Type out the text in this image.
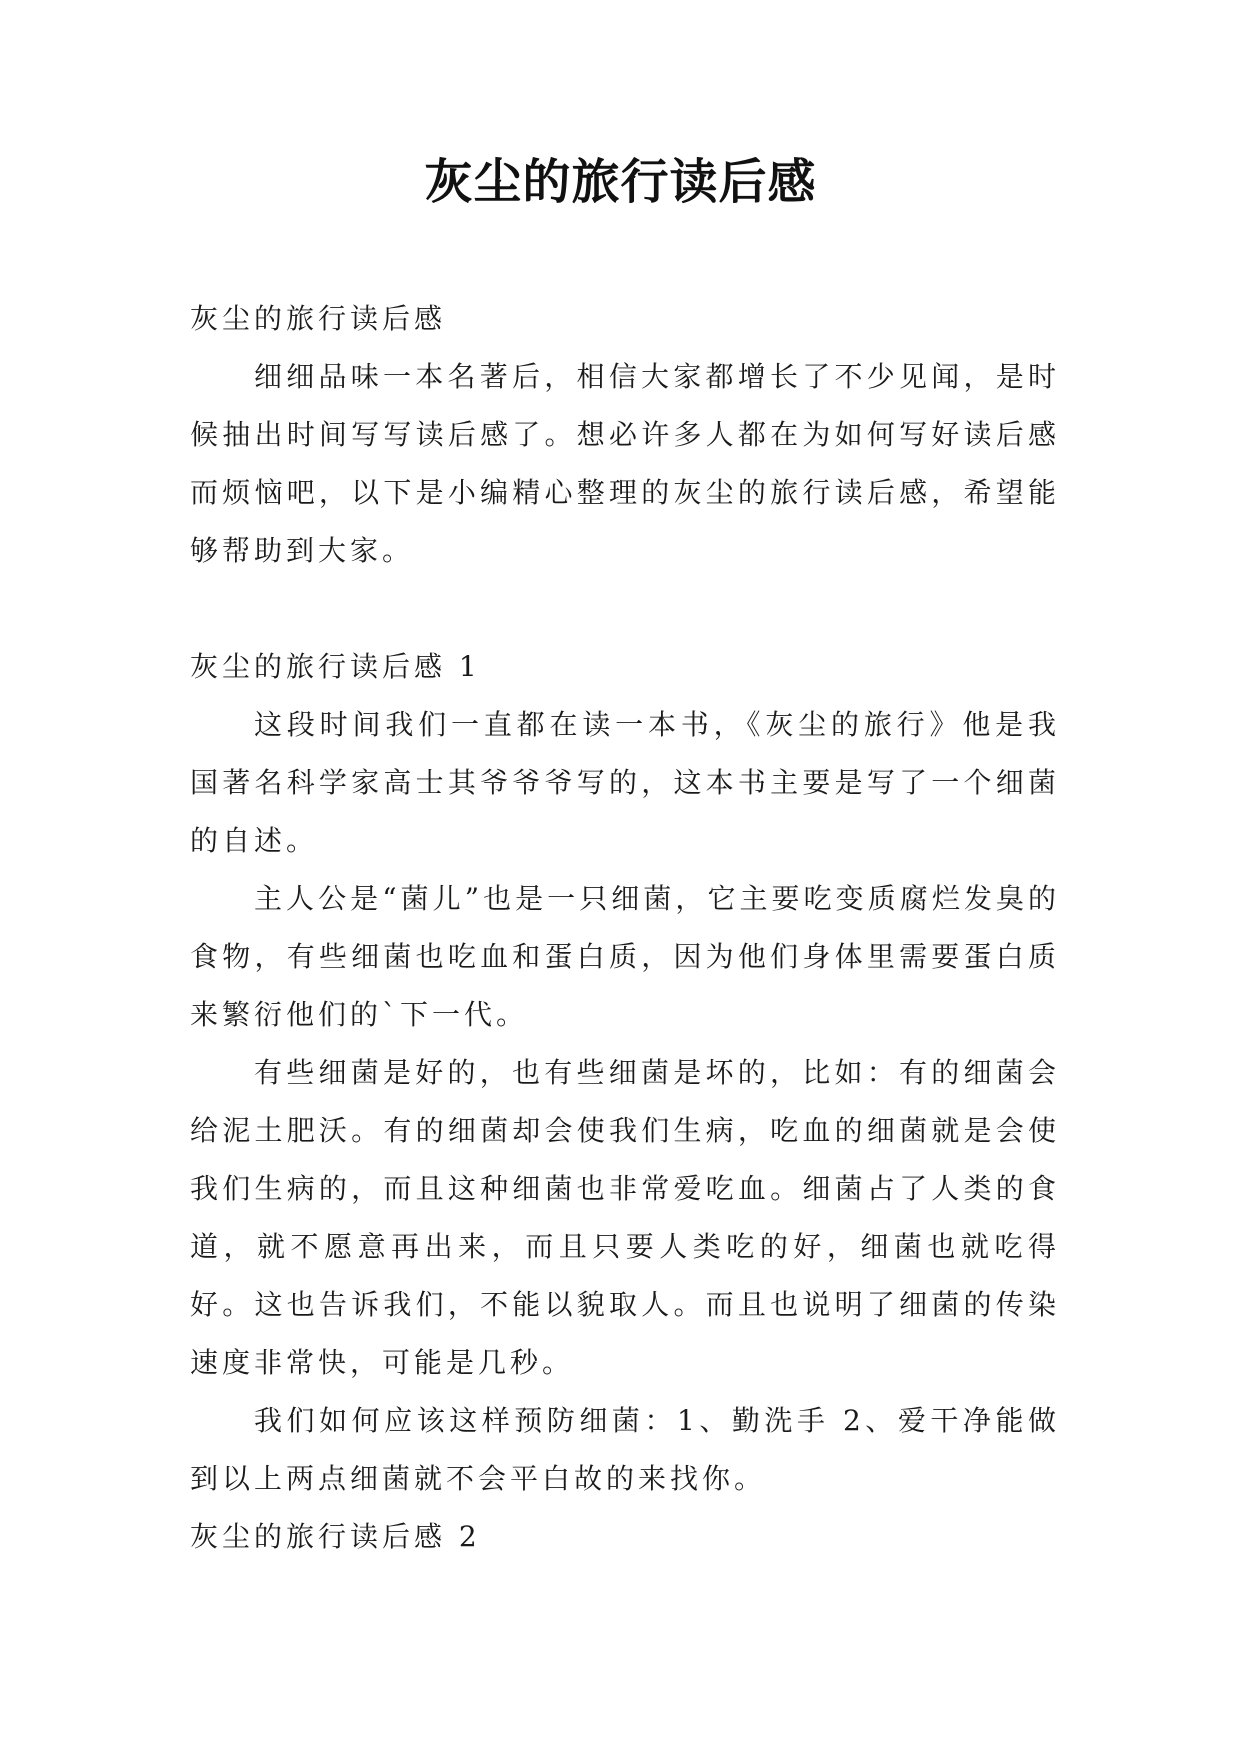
灰尘的旅行读后感
灰尘的旅行读后感

细细品味一本名著后，相信大家都增长了不少见闻，是时候抽出时间写写读后感了。想必许多人都在为如何写好读后感而烦恼吧，以下是小编精心整理的灰尘的旅行读后感，希望能够帮助到大家。

灰尘的旅行读后感 1

这段时间我们一直都在读一本书，《灰尘的旅行》他是我国著名科学家高士其爷爷爷写的，这本书主要是写了一个细菌的自述。

主人公是“菌儿”也是一只细菌，它主要吃变质腐烂发臭的食物，有些细菌也吃血和蛋白质，因为他们身体里需要蛋白质来繁衍他们的`下一代。

有些细菌是好的，也有些细菌是坏的，比如：有的细菌会给泥土肥沃。有的细菌却会使我们生病，吃血的细菌就是会使我们生病的，而且这种细菌也非常爱吃血。细菌占了人类的食道，就不愿意再出来，而且只要人类吃的好，细菌也就吃得好。这也告诉我们，不能以貌取人。而且也说明了细菌的传染速度非常快，可能是几秒。

我们如何应该这样预防细菌：1、勤洗手 2、爱干净能做到以上两点细菌就不会平白故的来找你。

灰尘的旅行读后感 2
